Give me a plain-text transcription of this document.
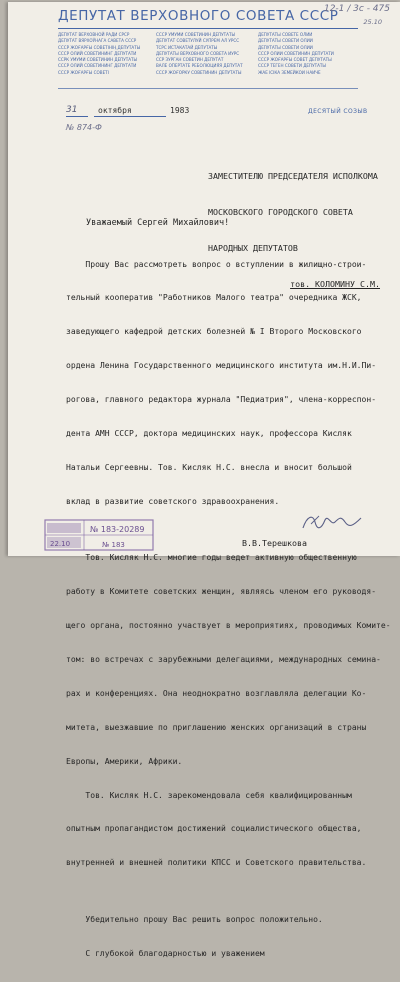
ДЕПУТАТ ВЕРХОВНОГО СОВЕТА СССР
ДЕПУТАТ ВЕРХОВНОЙ РАДИ СРСР
ДЕПУТАТ ВЯРХОЎНАГА САВЕТА СССР
СССР ЖОҒАРҒЫ СОВЕТІНІҢ ДЕПУТАТЫ
СССР ОЛИЙ СОВЕТИНИНГ ДЕПУТАТИ
ССРК УМУМИ СОВЕТИНИН ДЕПУТАТЫ
СССР ОЛИЙ СОВЕТИНИНГ ДЕПУТАТИ
СССР ЖОҒАРҒЫ СОВЕТІ
СССР УМУМИ СОВЕТИНИН ДЕПУТАТЫ
ДЕПУТАТ СОВЕТУЛУЙ СУПРЕМ АЛ УРСС
ТСРС ИСТАКАТАЙ ДЕПУТАТЫ
ДЕПУТАТЫ ВЕРХОВНОГО СОВЕТА ИУРС
ССР ЗУРГАН СОВЕТИН ДЕПУТАТ
ВАЛЕ ОПЕРТАТЕ РЕБОЛЮЦИЯЯ ДЕПУТАТ
СССР ЖОҒОРКУ СОВЕТИНИН ДЕПУТАТЫ
ДЕПУТАТЫ СОВЕТЕ ОЛИИ
ДЕПУТАТЫ СОВЕТИ ОЛИИ
ДЕПУТАТЫ СОВЕТИ ОЛИИ
СССР ОЛИИ СОВЕТИНИН ДЕПУТАТИ
СССР ЖОҒАРҒЫ СОВЕТ ДЕПУТАТЫ
СССР ТЕГЕН СОВЕТИ ДЕПУТАТЫ
ЖАЕ ІСІКА ЗЕМЕЙКОИ НАИЧЕ
12-1 / 3c - 475
25.10
31	октября	1983	ДЕСЯТЫЙ СОЗЫВ
№ 874-Ф

ЗАМЕСТИТЕЛЮ ПРЕДСЕДАТЕЛЯ ИСПОЛКОМА

МОСКОВСКОГО ГОРОДСКОГО СОВЕТА

НАРОДНЫХ ДЕПУТАТОВ

тов. КОЛОМИНУ С.М.

Уважаемый Сергей Михайлович!

Прошу Вас рассмотреть вопрос о вступлении в жилищно-строи-

тельный кооператив "Работников Малого театра" очередника ЖСК,

заведующего кафедрой детских болезней № I Второго Московского

ордена Ленина Государственного медицинского института им.Н.И.Пи-

рогова, главного редактора журнала "Педиатрия", члена-корреспон-

дента АМН СССР, доктора медицинских наук, профессора Кисляк

Натальи Сергеевны. Тов. Кисляк Н.С. внесла и вносит большой

вклад в развитие советского здравоохранения.

Тов. Кисляк Н.С. многие годы ведет активную общественную

работу в Комитете советских женщин, являясь членом его руководя-

щего органа, постоянно участвует в мероприятиях, проводимых Комите-

том: во встречах с зарубежными делегациями, международных семина-

рах и конференциях. Она неоднократно возглавляла делегации Ко-

митета, выезжавшие по приглашению женских организаций в страны

Европы, Америки, Африки.

Тов. Кисляк Н.С. зарекомендовала себя квалифицированным

опытным пропагандистом достижений социалистического общества,

внутренней и внешней политики КПСС и Советского правительства.

Убедительно прошу Вас решить вопрос положительно.

С глубокой благодарностью и уважением

В.В.Терешкова
№ 183-20289
22.10	№ 183
